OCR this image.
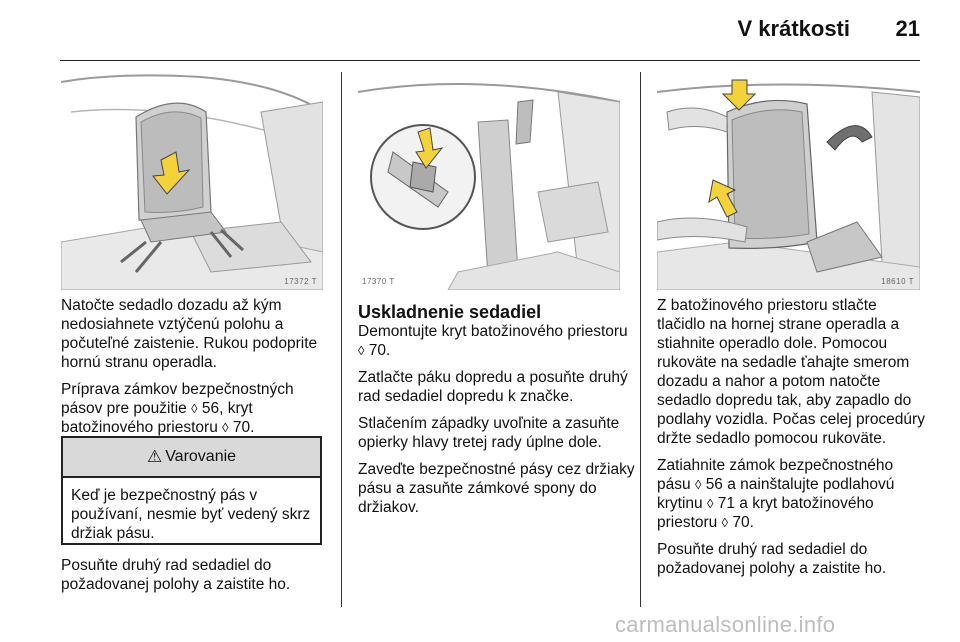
V krátkosti	21
17372 T	17370 T	18610 T

Natočte sedadlo dozadu až kým nedosiahnete vztýčenú polohu a počuteľné zaistenie. Rukou podoprite hornú stranu operadla.

Príprava zámkov bezpečnostných pásov pre použitie ◊ 56, kryt batožinového priestoru ◊ 70.

⚠ Varovanie
Keď je bezpečnostný pás v používaní, nesmie byť vedený skrz držiak pásu.

Posuňte druhý rad sedadiel do požadovanej polohy a zaistite ho.

Uskladnenie sedadiel

Demontujte kryt batožinového priestoru ◊ 70.

Zatlačte páku dopredu a posuňte druhý rad sedadiel dopredu k značke.

Stlačením západky uvoľnite a zasuňte opierky hlavy tretej rady úplne dole.

Zaveďte bezpečnostné pásy cez držiaky pásu a zasuňte zámkové spony do držiakov.

Z batožinového priestoru stlačte tlačidlo na hornej strane operadla a stiahnite operadlo dole. Pomocou rukoväte na sedadle ťahajte smerom dozadu a nahor a potom natočte sedadlo dopredu tak, aby zapadlo do podlahy vozidla. Počas celej procedúry držte sedadlo pomocou rukoväte.

Zatiahnite zámok bezpečnostného pásu ◊ 56 a nainštalujte podlahovú krytinu ◊ 71 a kryt batožinového priestoru ◊ 70.

Posuňte druhý rad sedadiel do požadovanej polohy a zaistite ho.

carmanualsonline.info
